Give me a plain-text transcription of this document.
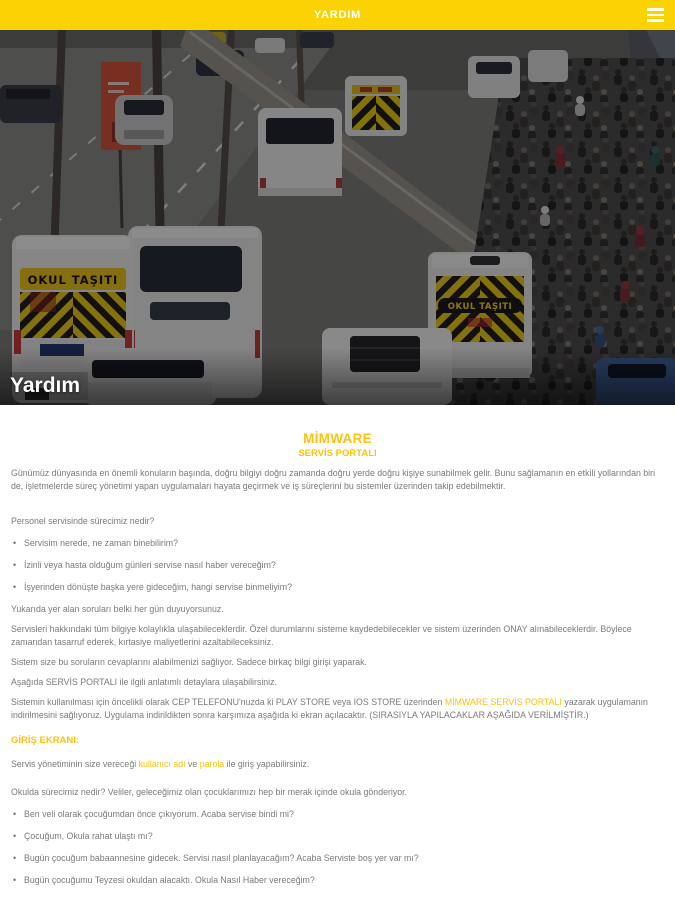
YARDIM
Yardım
MİMWARE
SERVİS PORTALI

Günümüz dünyasında en önemli konuların başında, doğru bilgiyi doğru zamanda doğru yerde doğru kişiye sunabilmek gelir. Bunu sağlamanın en etkili yollarından biri de, işletmelerde süreç yönetimi yapan uygulamaları hayata geçirmek ve iş süreçlerini bu sistemler üzerinden takip edebilmektir.

Personel servisinde sürecimiz nedir?

• Servisim nerede, ne zaman binebilirim?
• İzinli veya hasta olduğum günleri servise nasıl haber vereceğim?
• İşyerinden dönüşte başka yere gideceğim, hangi servise binmeliyim?

Yukarıda yer alan soruları belki her gün duyuyorsunuz.

Servisleri hakkındaki tüm bilgiye kolaylıkla ulaşabileceklerdir. Özel durumlarını sisteme kaydedebilecekler ve sistem üzerinden ONAY alınabileceklerdir. Böylece zamandan tasarruf ederek, kırtasiye maliyetlerini azaltabileceksiniz.

Sistem size bu soruların cevaplarını alabilmenizi sağlıyor. Sadece birkaç bilgi girişi yaparak.

Aşağıda SERVİS PORTALI ile ilgili anlatımlı detaylara ulaşabilirsiniz.

Sistemin kullanılması için öncelikli olarak CEP TELEFONU'nuzda ki PLAY STORE veya IOS STORE üzerinden MİMWARE SERVİS PORTALI yazarak uygulamanın indirilmesini sağlıyoruz. Uygulama indirildikten sonra karşımıza aşağıda ki ekran açılacaktır. (SIRASIYLA YAPILACAKLAR AŞAĞIDA VERİLMİŞTİR.)

GİRİŞ EKRANI:

Servis yönetiminin size vereceği kullanıcı adı ve parola ile giriş yapabilirsiniz.

Okulda sürecimiz nedir? Veliler, geleceğimiz olan çocuklarımızı hep bir merak içinde okula gönderiyor.

• Ben veli olarak çocuğumdan önce çıkıyorum. Acaba servise bindi mi?
• Çocuğum, Okula rahat ulaştı mı?
• Bugün çocuğum babaannesine gidecek. Servisi nasıl planlayacağım? Acaba Serviste boş yer var mı?
• Bugün çocuğumu Teyzesi okuldan alacaktı. Okula Nasıl Haber vereceğim?
